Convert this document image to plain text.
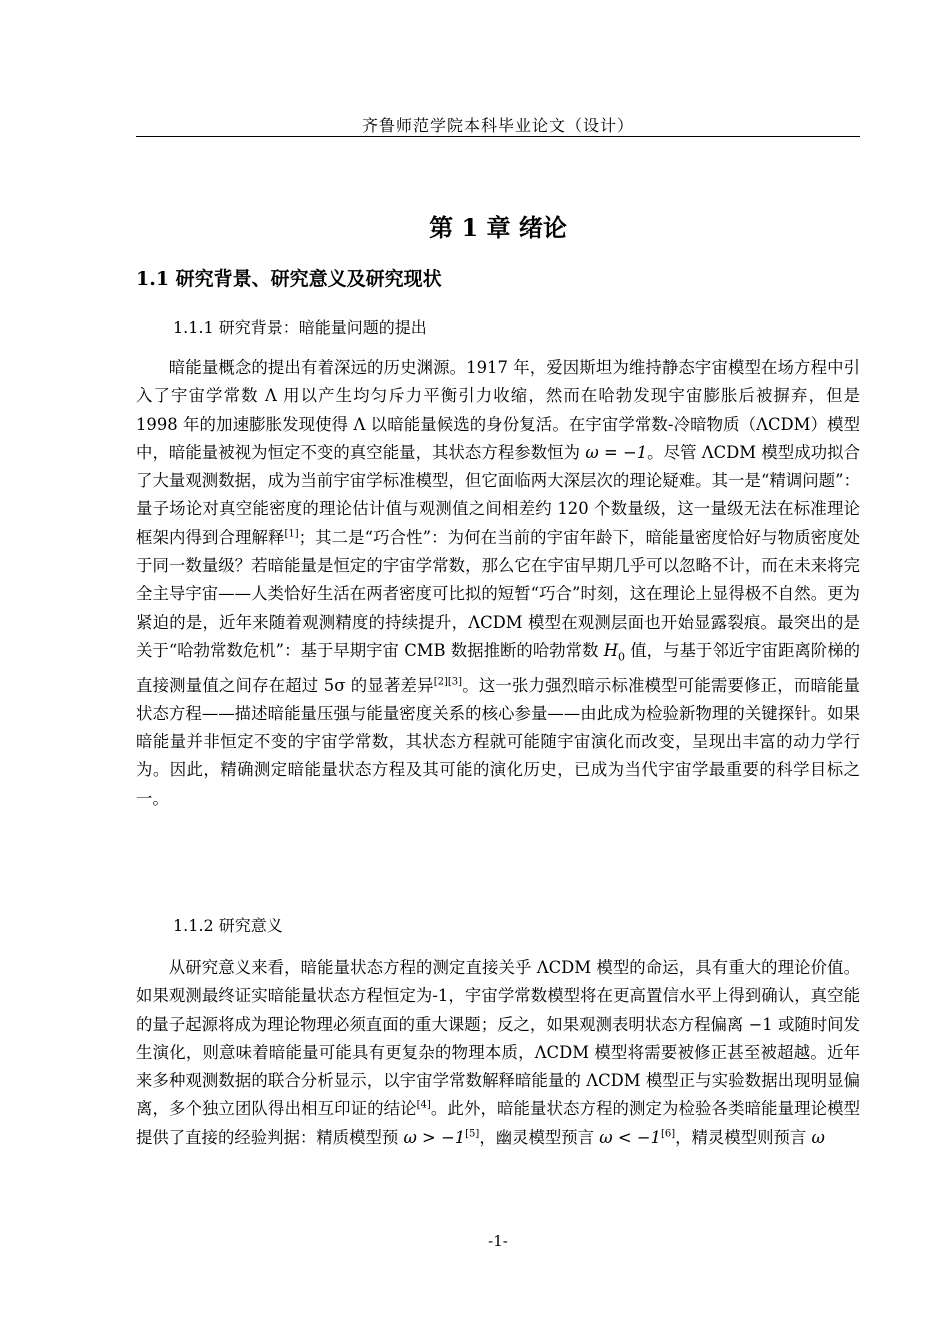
齐鲁师范学院本科毕业论文（设计）
第 1 章 绪论
1.1 研究背景、研究意义及研究现状
1.1.1 研究背景：暗能量问题的提出

暗能量概念的提出有着深远的历史渊源。1917 年，爱因斯坦为维持静态宇宙模型在场方程中引入了宇宙学常数 Λ 用以产生均匀斥力平衡引力收缩，然而在哈勃发现宇宙膨胀后被摒弃，但是 1998 年的加速膨胀发现使得 Λ 以暗能量候选的身份复活。在宇宙学常数-冷暗物质（ΛCDM）模型中，暗能量被视为恒定不变的真空能量，其状态方程参数恒为 ω = −1。尽管 ΛCDM 模型成功拟合了大量观测数据，成为当前宇宙学标准模型，但它面临两大深层次的理论疑难。其一是“精调问题”：量子场论对真空能密度的理论估计值与观测值之间相差约 120 个数量级，这一量级无法在标准理论框架内得到合理解释[1]；其二是“巧合性”：为何在当前的宇宙年龄下，暗能量密度恰好与物质密度处于同一数量级？若暗能量是恒定的宇宙学常数，那么它在宇宙早期几乎可以忽略不计，而在未来将完全主导宇宙——人类恰好生活在两者密度可比拟的短暂“巧合”时刻，这在理论上显得极不自然。更为紧迫的是，近年来随着观测精度的持续提升，ΛCDM 模型在观测层面也开始显露裂痕。最突出的是关于“哈勃常数危机”：基于早期宇宙 CMB 数据推断的哈勃常数 $H_0$ 值，与基于邻近宇宙距离阶梯的直接测量值之间存在超过 5σ 的显著差异[2][3]。这一张力强烈暗示标准模型可能需要修正，而暗能量状态方程——描述暗能量压强与能量密度关系的核心参量——由此成为检验新物理的关键探针。如果暗能量并非恒定不变的宇宙学常数，其状态方程就可能随宇宙演化而改变，呈现出丰富的动力学行为。因此，精确测定暗能量状态方程及其可能的演化历史，已成为当代宇宙学最重要的科学目标之一。

1.1.2 研究意义

从研究意义来看，暗能量状态方程的测定直接关乎 ΛCDM 模型的命运，具有重大的理论价值。如果观测最终证实暗能量状态方程恒定为-1，宇宙学常数模型将在更高置信水平上得到确认，真空能的量子起源将成为理论物理必须直面的重大课题；反之，如果观测表明状态方程偏离 −1 或随时间发生演化，则意味着暗能量可能具有更复杂的物理本质，ΛCDM 模型将需要被修正甚至被超越。近年来多种观测数据的联合分析显示，以宇宙学常数解释暗能量的 ΛCDM 模型正与实验数据出现明显偏离，多个独立团队得出相互印证的结论[4]。此外，暗能量状态方程的测定为检验各类暗能量理论模型提供了直接的经验判据：精质模型预 ω > −1[5]，幽灵模型预言 ω < −1[6]，精灵模型则预言 ω

-1-
